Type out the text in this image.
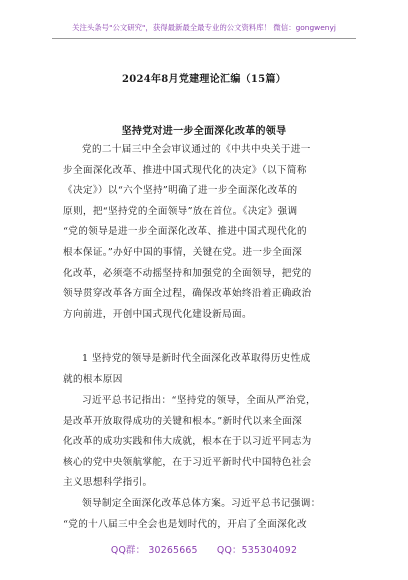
关注头条号"公文研究"，获得最新最全最专业的公文资料库！ 微信：gongwenyj
2024年8月党建理论汇编（15篇）
坚持党对进一步全面深化改革的领导
党的二十届三中全会审议通过的《中共中央关于进一
步全面深化改革、推进中国式现代化的决定》（以下简称
《决定》）以“六个坚持”明确了进一步全面深化改革的
原则，把“坚持党的全面领导”放在首位。《决定》强调
“党的领导是进一步全面深化改革、推进中国式现代化的
根本保证。”办好中国的事情，关键在党。进一步全面深
化改革，必须毫不动摇坚持和加强党的全面领导，把党的
领导贯穿改革各方面全过程，确保改革始终沿着正确政治
方向前进，开创中国式现代化建设新局面。
1 坚持党的领导是新时代全面深化改革取得历史性成
就的根本原因
习近平总书记指出：“坚持党的领导，全面从严治党，
是改革开放取得成功的关键和根本。”新时代以来全面深
化改革的成功实践和伟大成就，根本在于以习近平同志为
核心的党中央领航掌舵，在于习近平新时代中国特色社会
主义思想科学指引。
领导制定全面深化改革总体方案。习近平总书记强调：
“党的十八届三中全会也是划时代的，开启了全面深化改
QQ群： 30265665 QQ：535304092
